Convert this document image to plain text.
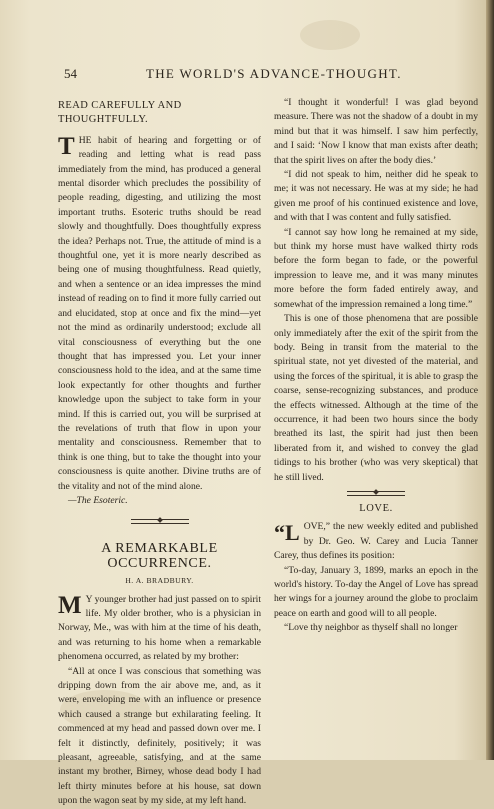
54	THE WORLD'S ADVANCE-THOUGHT.
READ CAREFULLY AND THOUGHTFULLY.

THE habit of hearing and forgetting or of reading and letting what is read pass immediately from the mind, has produced a general mental disorder which precludes the possibility of people reading, digesting, and utilizing the most important truths. Esoteric truths should be read slowly and thoughtfully. Does thoughtfully express the idea? Perhaps not. True, the attitude of mind is a thoughtful one, yet it is more nearly described as being one of musing thoughtfulness. Read quietly, and when a sentence or an idea impresses the mind instead of reading on to find it more fully carried out and elucidated, stop at once and fix the mind—yet not the mind as ordinarily understood; exclude all vital consciousness of everything but the one thought that has impressed you. Let your inner consciousness hold to the idea, and at the same time look expectantly for other thoughts and further knowledge upon the subject to take form in your mind. If this is carried out, you will be surprised at the revelations of truth that flow in upon your mentality and consciousness. Remember that to think is one thing, but to take the thought into your consciousness is quite another. Divine truths are of the vitality and not of the mind alone.

—The Esoteric.

A REMARKABLE OCCURRENCE.
H. A. BRADBURY.

M Y younger brother had just passed on to spirit life. My older brother, who is a physician in Norway, Me., was with him at the time of his death, and was returning to his home when a remarkable phenomena occurred, as related by my brother:

“All at once I was conscious that something was dripping down from the air above me, and, as it were, enveloping me with an influence or presence which caused a strange but exhilarating feeling. It commenced at my head and passed down over me. I felt it distinctly, definitely, positively; it was pleasant, agreeable, satisfying, and at the same instant my brother, Birney, whose dead body I had left thirty minutes before at his house, sat down upon the wagon seat by my side, at my left hand.

“I thought it wonderful! I was glad beyond measure. There was not the shadow of a doubt in my mind but that it was himself. I saw him perfectly, and I said: ‘Now I know that man exists after death; that the spirit lives on after the body dies.’

“I did not speak to him, neither did he speak to me; it was not necessary. He was at my side; he had given me proof of his continued existence and love, and with that I was content and fully satisfied.

“I cannot say how long he remained at my side, but think my horse must have walked thirty rods before the form began to fade, or the powerful impression to leave me, and it was many minutes more before the form faded entirely away, and somewhat of the impression remained a long time.”

This is one of those phenomena that are possible only immediately after the exit of the spirit from the body. Being in transit from the material to the spiritual state, not yet divested of the material, and using the forces of the spiritual, it is able to grasp the coarse, sense-recognizing substances, and produce the effects witnessed. Although at the time of the occurrence, it had been two hours since the body breathed its last, the spirit had just then been liberated from it, and wished to convey the glad tidings to his brother (who was very skeptical) that he still lived.

LOVE.

“LOVE,” the new weekly edited and published by Dr. Geo. W. Carey and Lucia Tanner Carey, thus defines its position:

“To-day, January 3, 1899, marks an epoch in the world's history. To-day the Angel of Love has spread her wings for a journey around the globe to proclaim peace on earth and good will to all people.

“Love thy neighbor as thyself shall no longer
